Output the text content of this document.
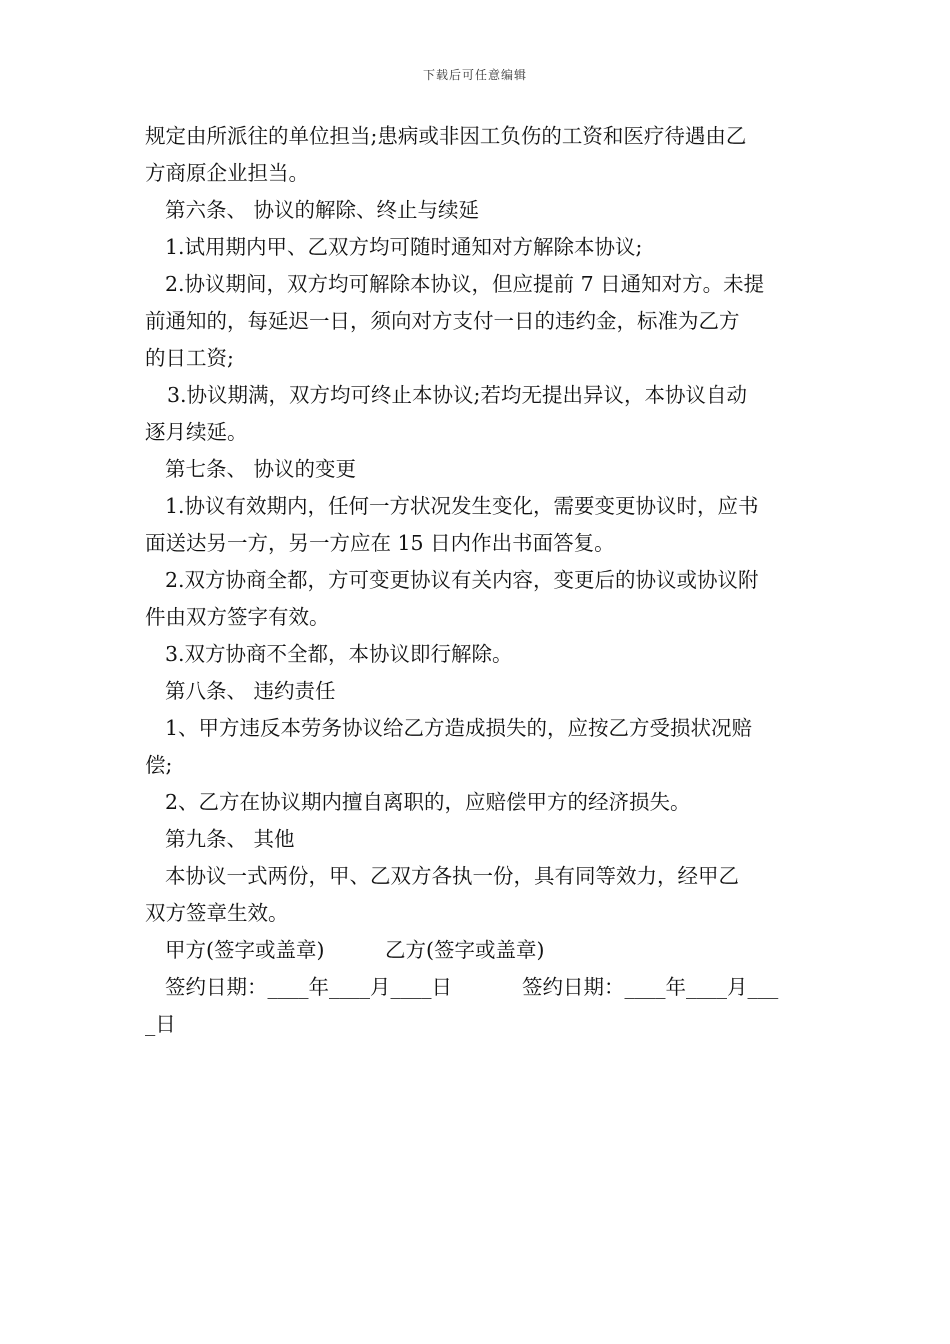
下载后可任意编辑
规定由所派往的单位担当;患病或非因工负伤的工资和医疗待遇由乙
方商原企业担当。
第六条、 协议的解除、终止与续延
1.试用期内甲、乙双方均可随时通知对方解除本协议;
2.协议期间，双方均可解除本协议，但应提前 7 日通知对方。未提
前通知的，每延迟一日，须向对方支付一日的违约金，标准为乙方
的日工资;
3.协议期满，双方均可终止本协议;若均无提出异议，本协议自动
逐月续延。
第七条、 协议的变更
1.协议有效期内，任何一方状况发生变化，需要变更协议时，应书
面送达另一方，另一方应在 15 日内作出书面答复。
2.双方协商全都，方可变更协议有关内容，变更后的协议或协议附
件由双方签字有效。
3.双方协商不全都，本协议即行解除。
第八条、 违约责任
1、甲方违反本劳务协议给乙方造成损失的，应按乙方受损状况赔
偿;
2、乙方在协议期内擅自离职的，应赔偿甲方的经济损失。
第九条、 其他
本协议一式两份，甲、乙双方各执一份，具有同等效力，经甲乙
双方签章生效。
甲方(签字或盖章)	乙方(签字或盖章)
签约日期：____年____月____日	签约日期：____年____月___
_日
